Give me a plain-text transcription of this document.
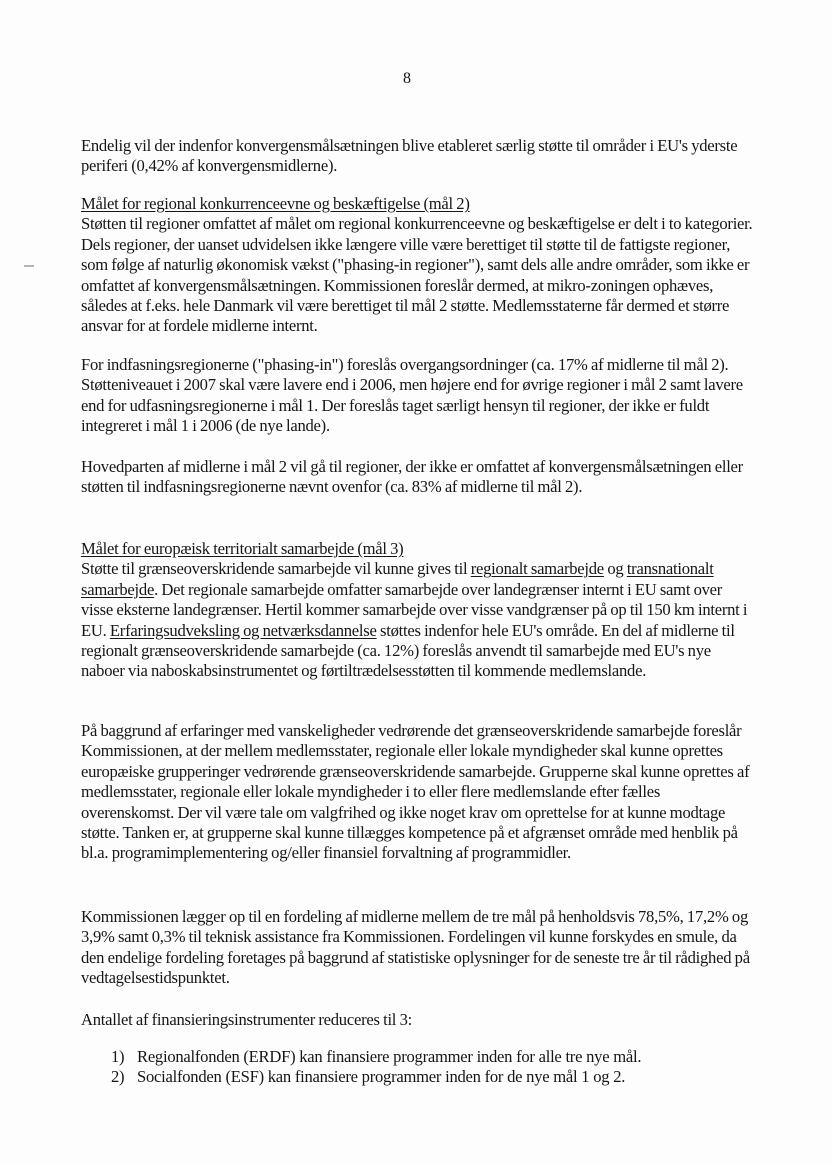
8

Endelig vil der indenfor konvergensmålsætningen blive etableret særlig støtte til områder i EU's yderste periferi (0,42% af konvergensmidlerne).

Målet for regional konkurrenceevne og beskæftigelse (mål 2)

Støtten til regioner omfattet af målet om regional konkurrenceevne og beskæftigelse er delt i to kategorier. Dels regioner, der uanset udvidelsen ikke længere ville være berettiget til støtte til de fattigste regioner, som følge af naturlig økonomisk vækst ("phasing-in regioner"), samt dels alle andre områder, som ikke er omfattet af konvergensmålsætningen. Kommissionen foreslår dermed, at mikro-zoningen ophæves, således at f.eks. hele Danmark vil være berettiget til mål 2 støtte. Medlemsstaterne får dermed et større ansvar for at fordele midlerne internt.

For indfasningsregionerne ("phasing-in") foreslås overgangsordninger (ca. 17% af midlerne til mål 2). Støtteniveauet i 2007 skal være lavere end i 2006, men højere end for øvrige regioner i mål 2 samt lavere end for udfasningsregionerne i mål 1. Der foreslås taget særligt hensyn til regioner, der ikke er fuldt integreret i mål 1 i 2006 (de nye lande).

Hovedparten af midlerne i mål 2 vil gå til regioner, der ikke er omfattet af konvergensmålsætningen eller støtten til indfasningsregionerne nævnt ovenfor (ca. 83% af midlerne til mål 2).

Målet for europæisk territorialt samarbejde (mål 3)

Støtte til grænseoverskridende samarbejde vil kunne gives til regionalt samarbejde og transnationalt samarbejde. Det regionale samarbejde omfatter samarbejde over landegrænser internt i EU samt over visse eksterne landegrænser. Hertil kommer samarbejde over visse vandgrænser på op til 150 km internt i EU. Erfaringsudveksling og netværksdannelse støttes indenfor hele EU's område. En del af midlerne til regionalt grænseoverskridende samarbejde (ca. 12%) foreslås anvendt til samarbejde med EU's nye naboer via naboskabsinstrumentet og førtiltrædelsesstøtten til kommende medlemslande.

På baggrund af erfaringer med vanskeligheder vedrørende det grænseoverskridende samarbejde foreslår Kommissionen, at der mellem medlemsstater, regionale eller lokale myndigheder skal kunne oprettes europæiske grupperinger vedrørende grænseoverskridende samarbejde. Grupperne skal kunne oprettes af medlemsstater, regionale eller lokale myndigheder i to eller flere medlemslande efter fælles overenskomst. Der vil være tale om valgfrihed og ikke noget krav om oprettelse for at kunne modtage støtte. Tanken er, at grupperne skal kunne tillægges kompetence på et afgrænset område med henblik på bl.a. programimplementering og/eller finansiel forvaltning af programmidler.

Kommissionen lægger op til en fordeling af midlerne mellem de tre mål på henholdsvis 78,5%, 17,2% og 3,9% samt 0,3% til teknisk assistance fra Kommissionen. Fordelingen vil kunne forskydes en smule, da den endelige fordeling foretages på baggrund af statistiske oplysninger for de seneste tre år til rådighed på vedtagelsestidspunktet.

Antallet af finansieringsinstrumenter reduceres til 3:

1) Regionalfonden (ERDF) kan finansiere programmer inden for alle tre nye mål.
2) Socialfonden (ESF) kan finansiere programmer inden for de nye mål 1 og 2.
